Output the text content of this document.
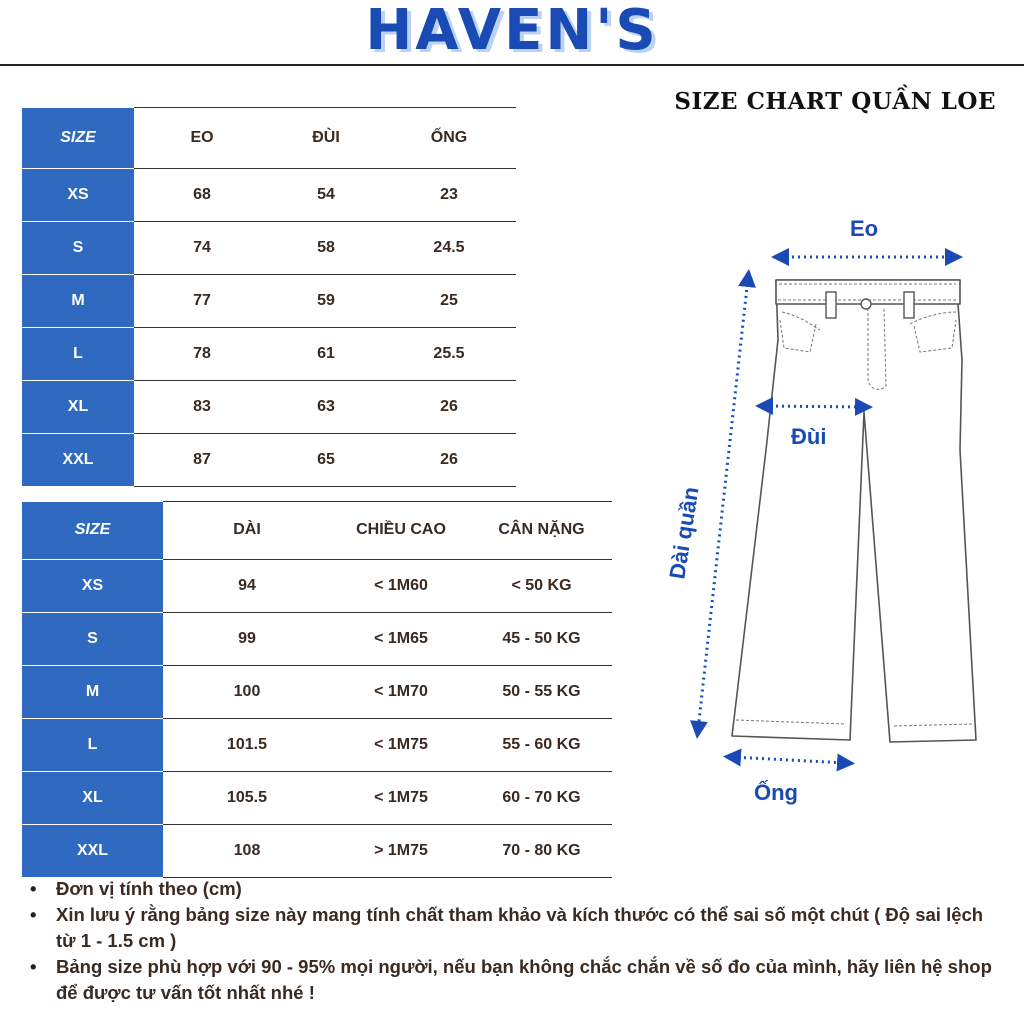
HAVEN'S
SIZE CHART QUẦN LOE
SIZE	EO	ĐÙI	ỐNG
XS	68	54	23
S	74	58	24.5
M	77	59	25
L	78	61	25.5
XL	83	63	26
XXL	87	65	26
SIZE	DÀI	CHIỀU CAO	CÂN NẶNG
XS	94	< 1M60	< 50 KG
S	99	< 1M65	45 - 50 KG
M	100	< 1M70	50 - 55 KG
L	101.5	< 1M75	55 - 60 KG
XL	105.5	< 1M75	60 - 70 KG
XXL	108	> 1M75	70 - 80 KG
Eo
Đùi
Dài quần
Ống
• Đơn vị tính theo (cm)
• Xin lưu ý rằng bảng size này mang tính chất tham khảo và kích thước có thể sai số một chút ( Độ sai lệch từ 1 - 1.5 cm )
• Bảng size phù hợp với 90 - 95% mọi người, nếu bạn không chắc chắn về số đo của mình, hãy liên hệ shop để được tư vấn tốt nhất nhé !
